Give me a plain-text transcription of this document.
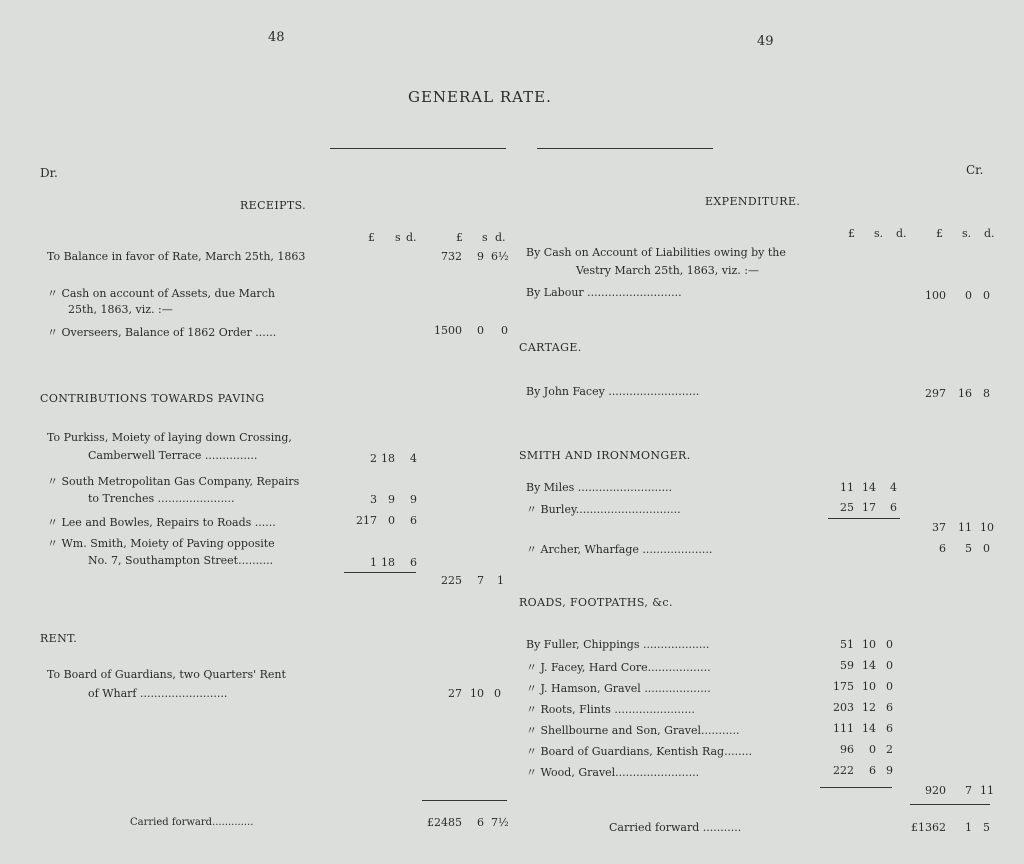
48	49
GENERAL RATE.
Dr.	Cr.
RECEIPTS.
£ s d.	£ s d.
To Balance in favor of Rate, March 25th, 1863	732	9 6½
〃 Cash on account of Assets, due March
25th, 1863, viz. :—
〃 Overseers, Balance of 1862 Order ......	1500	0 0
CONTRIBUTIONS TOWARDS PAVING
To Purkiss, Moiety of laying down Crossing,
Camberwell Terrace ...............	2 18 4
〃 South Metropolitan Gas Company, Repairs
to Trenches ......................	3	9 9
〃 Lee and Bowles, Repairs to Roads ......	217	0 6
〃 Wm. Smith, Moiety of Paving opposite
No. 7, Southampton Street..........	1 18 6
225	7 1
RENT.
To Board of Guardians, two Quarters' Rent
of Wharf .........................	27 10 0
Carried forward.............	£2485	6 7½
EXPENDITURE.
£ s. d.	£ s. d.
By Cash on Account of Liabilities owing by the
Vestry March 25th, 1863, viz. :—
By Labour ...........................	100	0 0
CARTAGE.
By John Facey ..........................	297	16 8
SMITH AND IRONMONGER.
By Miles ...........................	11 14 4
〃 Burley..............................	25 17 6
37	11 10
〃 Archer, Wharfage ....................	6	5 0
ROADS, FOOTPATHS, &c.
By Fuller, Chippings ...................	51 10 0
〃 J. Facey, Hard Core..................	59 14 0
〃 J. Hamson, Gravel ...................	175 10 0
〃 Roots, Flints .......................	203 12 6
〃 Shellbourne and Son, Gravel...........	111 14 6
〃 Board of Guardians, Kentish Rag........	96	0 2
〃 Wood, Gravel........................	222	6 9
920	7 11
Carried forward ...........	£1362	1 5
